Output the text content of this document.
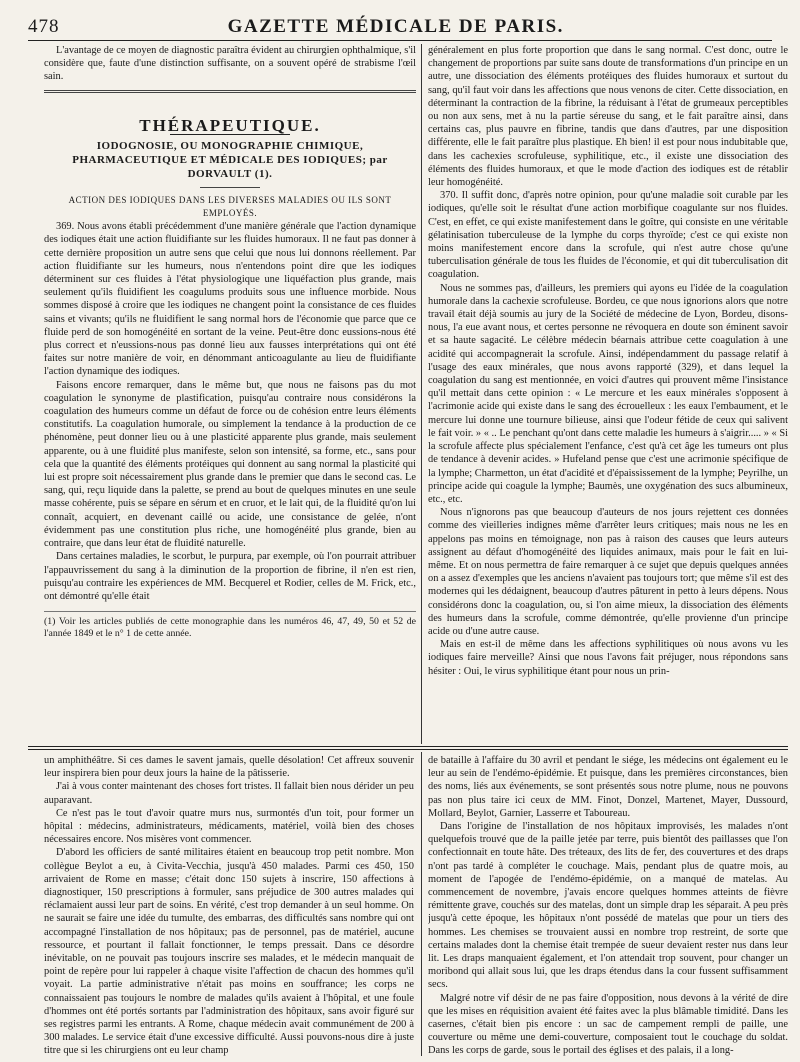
478	GAZETTE MÉDICALE DE PARIS.

L'avantage de ce moyen de diagnostic paraîtra évident au chirurgien ophthalmique, s'il considère que, faute d'une distinction suffisante, on a souvent opéré de strabisme l'œil sain.

THÉRAPEUTIQUE.

IODOGNOSIE, OU MONOGRAPHIE CHIMIQUE, PHARMACEUTIQUE ET MÉDICALE DES IODIQUES; par DORVAULT (1).

ACTION DES IODIQUES DANS LES DIVERSES MALADIES OU ILS SONT EMPLOYÉS.

369. Nous avons établi précédemment d'une manière générale que l'action dynamique des iodiques était une action fluidifiante sur les fluides humoraux. Il ne faut pas donner à cette dernière proposition un autre sens que celui que nous lui donnons réellement. Par action fluidifiante sur les humeurs, nous n'entendons point dire que les iodiques déterminent sur ces fluides à l'état physiologique une liquéfaction plus grande, mais seulement qu'ils fluidifient les coagulums produits sous une influence morbide. Nous sommes disposé à croire que les iodiques ne changent point la consistance de ces fluides sains et vivants; qu'ils ne fluidifient le sang normal hors de l'économie que parce que ce fluide perd de son homogénéité en sortant de la veine. Peut-être donc eussions-nous été plus correct et n'eussions-nous pas donné lieu aux fausses interprétations qui ont été faites sur notre manière de voir, en dénommant anticoagulante au lieu de fluidifiante l'action dynamique des iodiques.

Faisons encore remarquer, dans le même but, que nous ne faisons pas du mot coagulation le synonyme de plastification, puisqu'au contraire nous considérons la coagulation des humeurs comme un défaut de force ou de cohésion entre leurs éléments constitutifs. La coagulation humorale, ou simplement la tendance à la production de ce phénomène, peut donner lieu ou à une plasticité apparente plus grande, mais seulement apparente, ou à une fluidité plus manifeste, selon son intensité, sa forme, etc., sans pour cela que la quantité des éléments protéiques qui donnent au sang normal la plasticité qui lui est propre soit nécessairement plus grande dans le premier que dans le second cas. Le sang, qui, reçu liquide dans la palette, se prend au bout de quelques minutes en une seule masse cohérente, puis se sépare en sérum et en cruor, et le lait qui, de la fluidité qu'on lui connaît, acquiert, en devenant caillé ou acide, une consistance de gelée, n'ont évidemment pas une constitution plus riche, une homogénéité plus grande, bien au contraire, que dans leur état de fluidité naturelle.

Dans certaines maladies, le scorbut, le purpura, par exemple, où l'on pourrait attribuer l'appauvrissement du sang à la diminution de la proportion de fibrine, il n'en est rien, puisqu'au contraire les expériences de MM. Becquerel et Rodier, celles de M. Frick, etc., ont démontré qu'elle était

(1) Voir les articles publiés de cette monographie dans les numéros 46, 47, 49, 50 et 52 de l'année 1849 et le n° 1 de cette année.

généralement en plus forte proportion que dans le sang normal. C'est donc, outre le changement de proportions par suite sans doute de transformations d'un principe en un autre, une dissociation des éléments protéiques des fluides humoraux et surtout du sang, qu'il faut voir dans les affections que nous venons de citer. Cette dissociation, en déterminant la contraction de la fibrine, la réduisant à l'état de grumeaux perceptibles ou non aux sens, met à nu la partie séreuse du sang, et le fait paraître ainsi, dans certains cas, plus pauvre en fibrine, tandis que dans d'autres, par une disposition différente, elle le fait paraître plus plastique. Eh bien! il est pour nous indubitable que, dans les cachexies scrofuleuse, syphilitique, etc., il existe une dissociation des éléments des fluides humoraux, et que le mode d'action des iodiques est de rétablir leur homogénéité.

370. Il suffit donc, d'après notre opinion, pour qu'une maladie soit curable par les iodiques, qu'elle soit le résultat d'une action morbifique coagulante sur nos fluides. C'est, en effet, ce qui existe manifestement dans le goître, qui consiste en une véritable gélatinisation tuberculeuse de la lymphe du corps thyroïde; c'est ce qui existe non moins manifestement encore dans la scrofule, qui n'est autre chose qu'une tuberculisation générale de tous les fluides de l'économie, et qui dit tuberculisation dit coagulation.

Nous ne sommes pas, d'ailleurs, les premiers qui ayons eu l'idée de la coagulation humorale dans la cachexie scrofuleuse. Bordeu, ce que nous ignorions alors que notre travail était déjà soumis au jury de la Société de médecine de Lyon, Bordeu, disons-nous, l'a eue avant nous, et certes personne ne révoquera en doute son éminent savoir et sa haute sagacité. Le célèbre médecin béarnais attribue cette coagulation à une acidité qui accompagnerait la scrofule. Ainsi, indépendamment du passage relatif à l'usage des eaux minérales, que nous avons rapporté (329), et dans lequel la coagulation du sang est mentionnée, en voici d'autres qui prouvent même l'insistance qu'il mettait dans cette opinion : « Le mercure et les eaux minérales s'opposent à l'acrimonie acide qui existe dans le sang des écrouelleux : les eaux l'embaument, et le mercure lui donne une tournure bilieuse, ainsi que l'odeur fétide de ceux qui salivent le fait voir. » « .. Le penchant qu'ont dans cette maladie les humeurs à s'aigrir..... » « Si la scrofule affecte plus spécialement l'enfance, c'est qu'à cet âge les tumeurs ont plus de tendance à devenir acides. » Hufeland pense que c'est une acrimonie spécifique de la lymphe; Charmetton, un état d'acidité et d'épaississement de la lymphe; Peyrilhe, un principe acide qui coagule la lymphe; Baumès, une oxygénation des sucs albumineux, etc., etc.

Nous n'ignorons pas que beaucoup d'auteurs de nos jours rejettent ces données comme des vieilleries indignes même d'arrêter leurs critiques; mais nous ne les en appelons pas moins en témoignage, non pas à raison des causes que leurs auteurs assignent au défaut d'homogénéité des liquides animaux, mais pour le fait en lui-même. Et on nous permettra de faire remarquer à ce sujet que depuis quelques années on a assez d'exemples que les anciens n'avaient pas toujours tort; que même s'il est des modernes qui les dédaignent, beaucoup d'autres pâturent in petto à leurs dépens. Nous considérons donc la coagulation, ou, si l'on aime mieux, la dissociation des éléments des humeurs dans la scrofule, comme démontrée, qu'elle provienne d'un principe acide ou d'une autre cause.

Mais en est-il de même dans les affections syphilitiques où nous avons vu les iodiques faire merveille? Ainsi que nous l'avons fait préjuger, nous répondons sans hésiter : Oui, le virus syphilitique étant pour nous un prin-

un amphithéâtre. Si ces dames le savent jamais, quelle désolation! Cet affreux souvenir leur inspirera bien pour deux jours la haine de la pâtisserie.

J'ai à vous conter maintenant des choses fort tristes. Il fallait bien nous dérider un peu auparavant.

Ce n'est pas le tout d'avoir quatre murs nus, surmontés d'un toit, pour former un hôpital : médecins, administrateurs, médicaments, matériel, voilà bien des choses nécessaires encore. Nos misères vont commencer.

D'abord les officiers de santé militaires étaient en beaucoup trop petit nombre. Mon collègue Beylot a eu, à Civita-Vecchia, jusqu'à 450 malades. Parmi ces 450, 150 arrivaient de Rome en masse; c'était donc 150 sujets à inscrire, 150 affections à diagnostiquer, 150 prescriptions à formuler, sans préjudice de 300 autres malades qui réclamaient aussi leur part de soins. En vérité, c'est trop demander à un seul homme. On ne saurait se faire une idée du tumulte, des embarras, des difficultés sans nombre qui ont accompagné l'installation de nos hôpitaux; pas de personnel, pas de matériel, aucune ressource, et pourtant il fallait fonctionner, le temps pressait. Dans ce désordre inévitable, on ne pouvait pas toujours inscrire ses malades, et le médecin manquait de point de repère pour lui rappeler à chaque visite l'affection de chacun des hommes qu'il voyait. La partie administrative n'était pas moins en souffrance; les corps ne connaissaient pas toujours le nombre de malades qu'ils avaient à l'hôpital, et une foule d'hommes ont été portés sortants par l'administration des hôpitaux, sans avoir figuré sur ses registres parmi les entrants. A Rome, chaque médecin avait communément de 200 à 300 malades. Le service était d'une excessive difficulté. Aussi pouvons-nous dire à juste titre que si les chirurgiens ont eu leur champ

de bataille à l'affaire du 30 avril et pendant le siége, les médecins ont également eu le leur au sein de l'endémo-épidémie. Et puisque, dans les premières circonstances, bien des noms, liés aux événements, se sont présentés sous notre plume, nous ne pouvons pas non plus taire ici ceux de MM. Finot, Donzel, Martenet, Mayer, Dussourd, Mollard, Beylot, Garnier, Lasserre et Taboureau.

Dans l'origine de l'installation de nos hôpitaux improvisés, les malades n'ont quelquefois trouvé que de la paille jetée par terre, puis bientôt des paillasses que l'on confectionnait en toute hâte. Des tréteaux, des lits de fer, des couvertures et des draps n'ont pas tardé à compléter le couchage. Mais, pendant plus de quatre mois, au moment de l'apogée de l'endémo-épidémie, on a manqué de matelas. Au commencement de novembre, j'avais encore quelques hommes atteints de fièvre rémittente grave, couchés sur des matelas, dont un simple drap les séparait. A peu près jusqu'à cette époque, les hôpitaux n'ont possédé de matelas que pour un tiers des hommes. Les chemises se trouvaient aussi en nombre trop restreint, de sorte que certains malades dont la chemise était trempée de sueur devaient rester nus dans leur lit. Les draps manquaient également, et l'on attendait trop souvent, pour changer un moribond qui allait sous lui, que les draps étendus dans la cour fussent suffisamment secs.

Malgré notre vif désir de ne pas faire d'opposition, nous devons à la vérité de dire que les mises en réquisition avaient été faites avec la plus blâmable timidité. Dans les casernes, c'était bien pis encore : un sac de campement rempli de paille, une couverture ou même une demi-couverture, composaient tout le couchage du soldat. Dans les corps de garde, sous le portail des églises et des palais, il a long-
